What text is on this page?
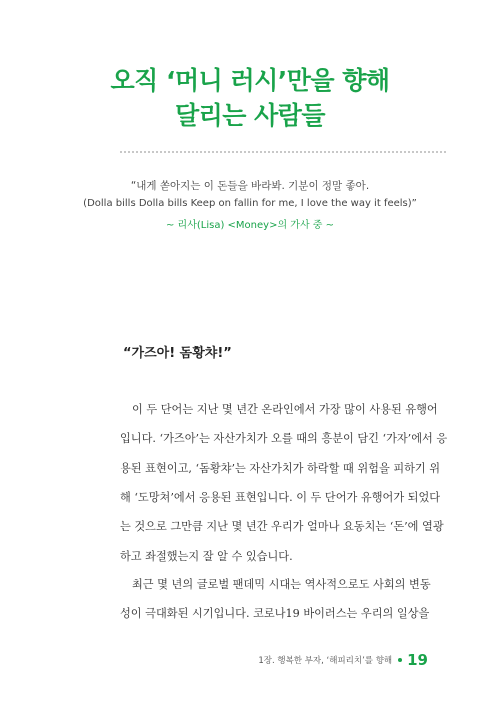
오직 ‘머니 러시’만을 향해
달리는 사람들
“내게 쏟아지는 이 돈들을 바라봐. 기분이 정말 좋아.
(Dolla bills Dolla bills Keep on fallin for me, I love the way it feels)”
~ 리사(Lisa) <Money>의 가사 중 ~
“가즈아! 돔황챠!”
이 두 단어는 지난 몇 년간 온라인에서 가장 많이 사용된 유행어
입니다. ‘가즈아’는 자산가치가 오를 때의 흥분이 담긴 ‘가자’에서 응
용된 표현이고, ‘돔황챠’는 자산가치가 하락할 때 위험을 피하기 위
해 ‘도망쳐’에서 응용된 표현입니다. 이 두 단어가 유행어가 되었다
는 것으로 그만큼 지난 몇 년간 우리가 얼마나 요동치는 ‘돈’에 열광
하고 좌절했는지 잘 알 수 있습니다.
최근 몇 년의 글로벌 팬데믹 시대는 역사적으로도 사회의 변동
성이 극대화된 시기입니다. 코로나19 바이러스는 우리의 일상을
1장. 행복한 부자, ‘해피리치’를 향해 19
